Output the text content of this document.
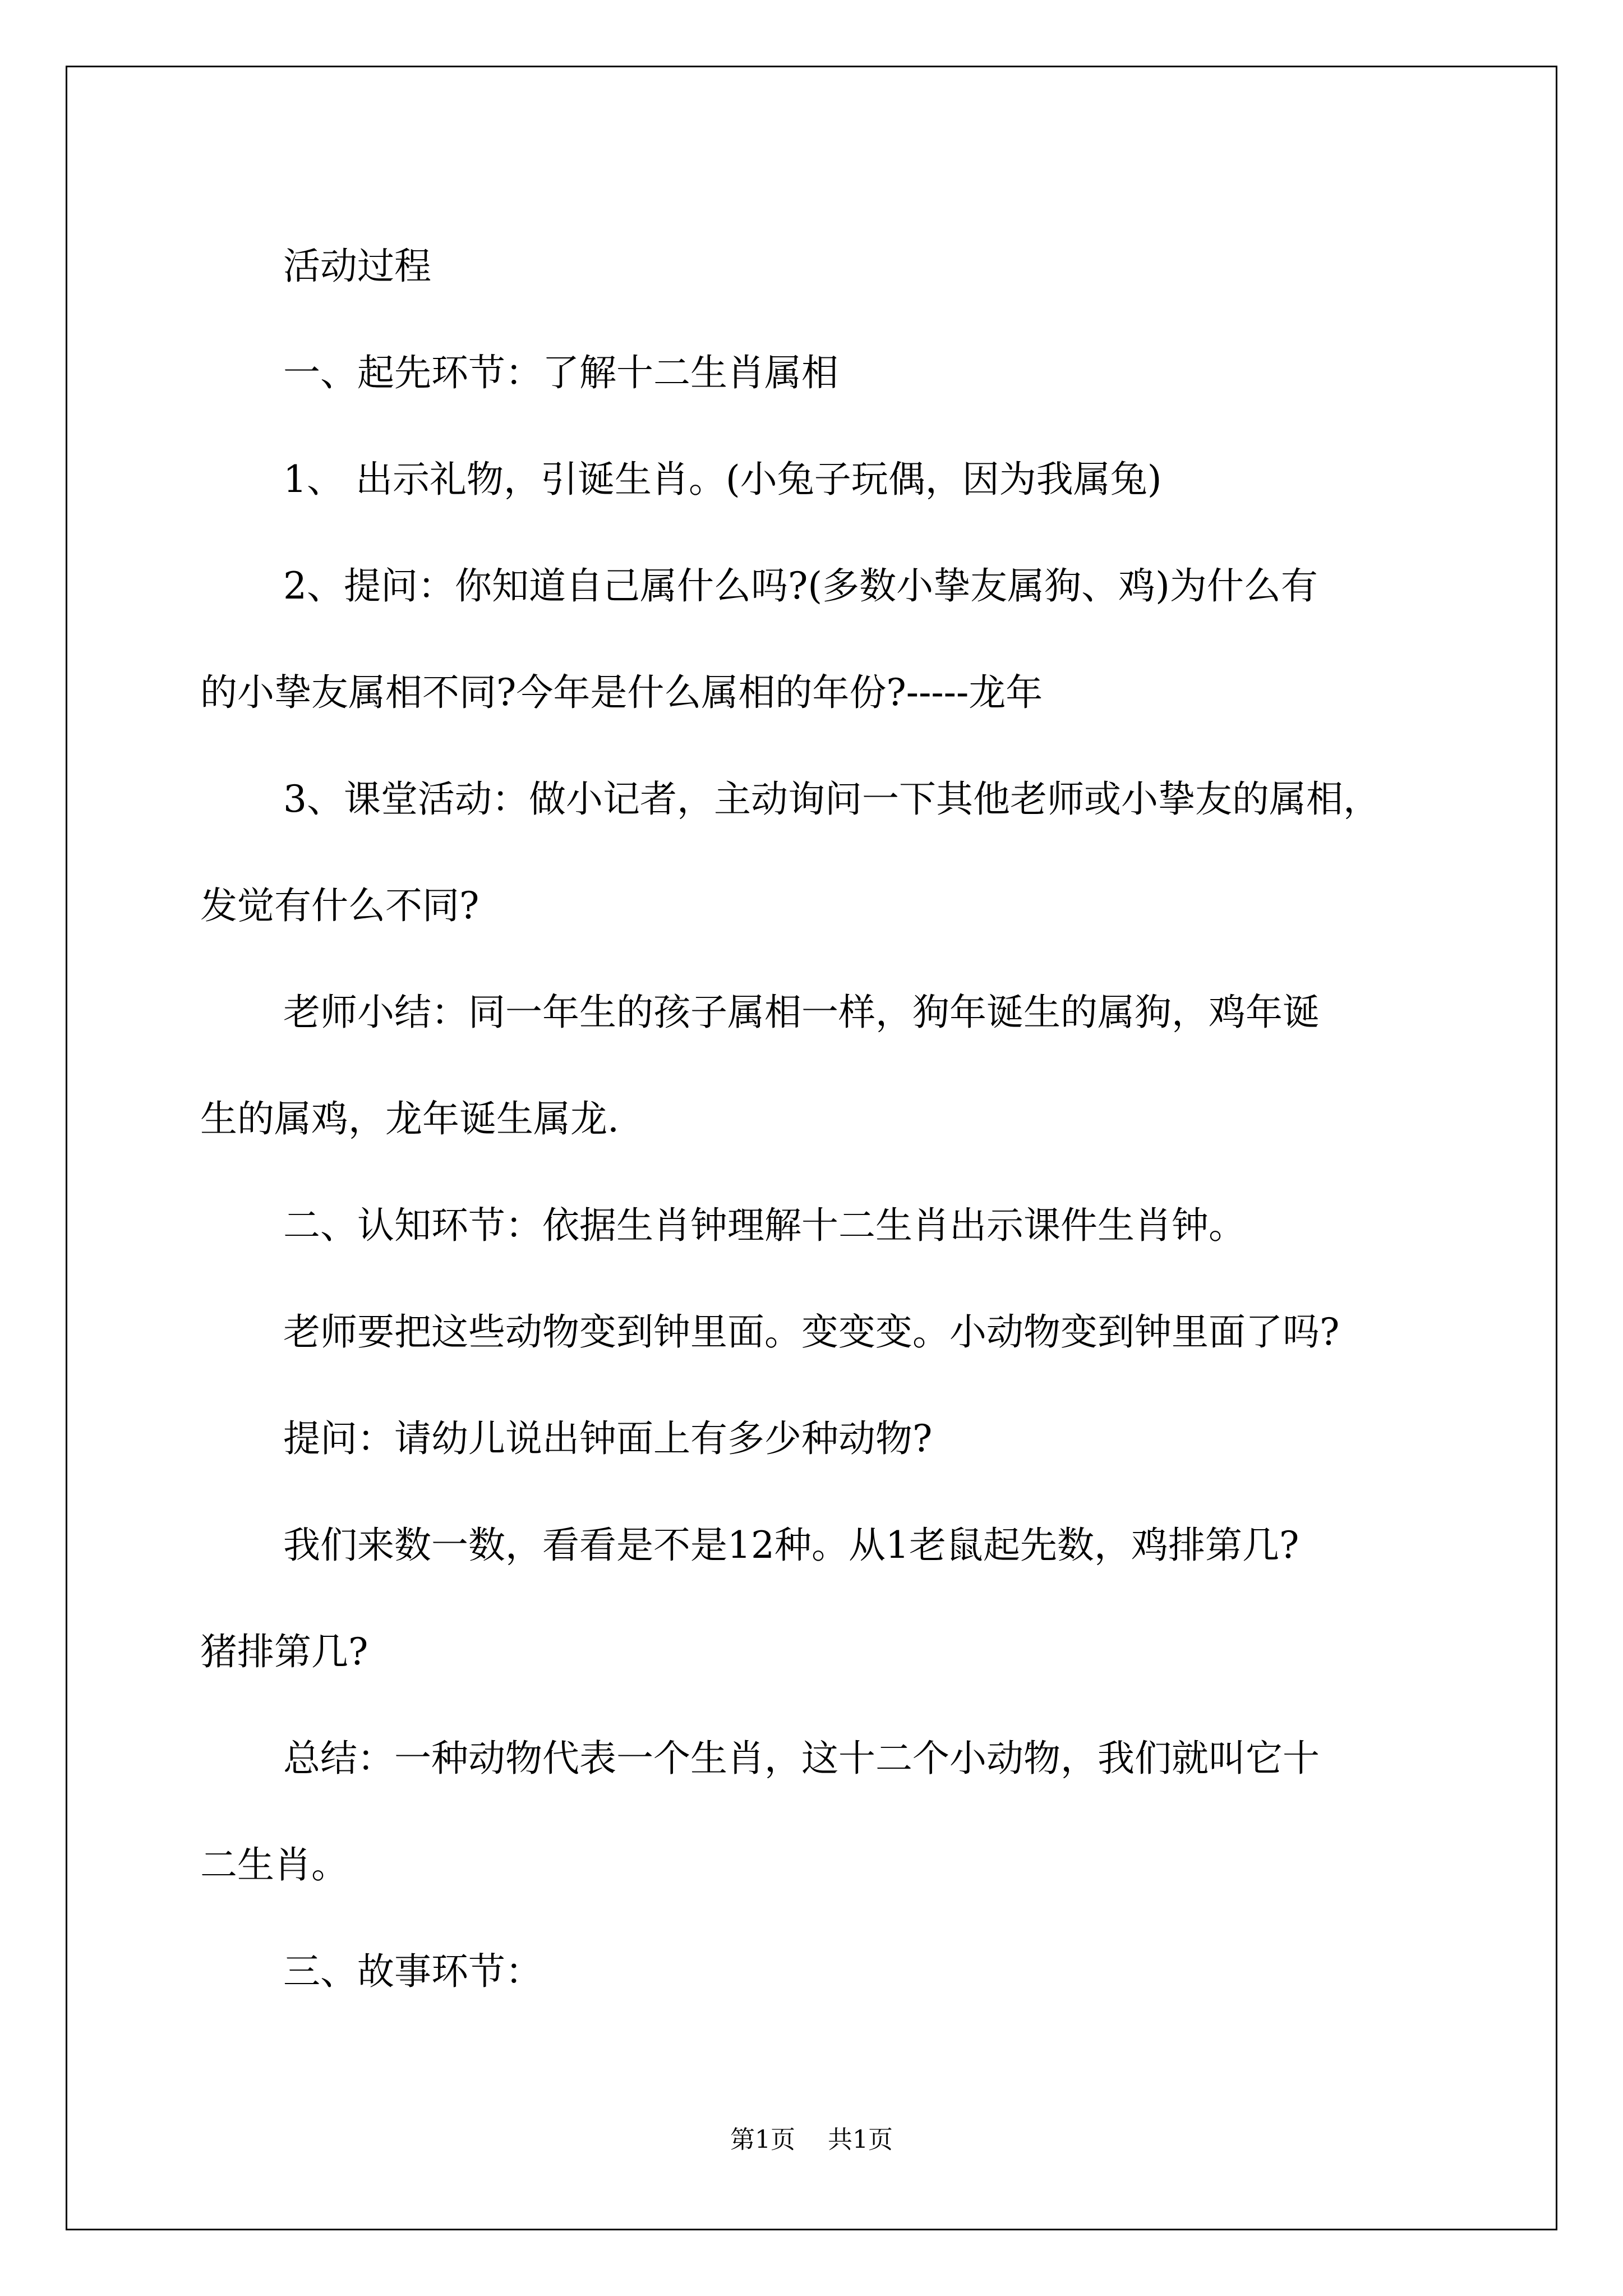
活动过程

一、起先环节：了解十二生肖属相

1、 出示礼物，引诞生肖。(小兔子玩偶，因为我属兔)

2、提问：你知道自己属什么吗?(多数小挚友属狗、鸡)为什么有

的小挚友属相不同?今年是什么属相的年份?-----龙年

3、课堂活动：做小记者，主动询问一下其他老师或小挚友的属相，

发觉有什么不同?

老师小结：同一年生的孩子属相一样，狗年诞生的属狗，鸡年诞

生的属鸡，龙年诞生属龙.

二、认知环节：依据生肖钟理解十二生肖出示课件生肖钟。

老师要把这些动物变到钟里面。变变变。小动物变到钟里面了吗?

提问：请幼儿说出钟面上有多少种动物?

我们来数一数，看看是不是12种。从1老鼠起先数，鸡排第几?

猪排第几?

总结：一种动物代表一个生肖，这十二个小动物，我们就叫它十

二生肖。

三、故事环节：

第1页 共1页
